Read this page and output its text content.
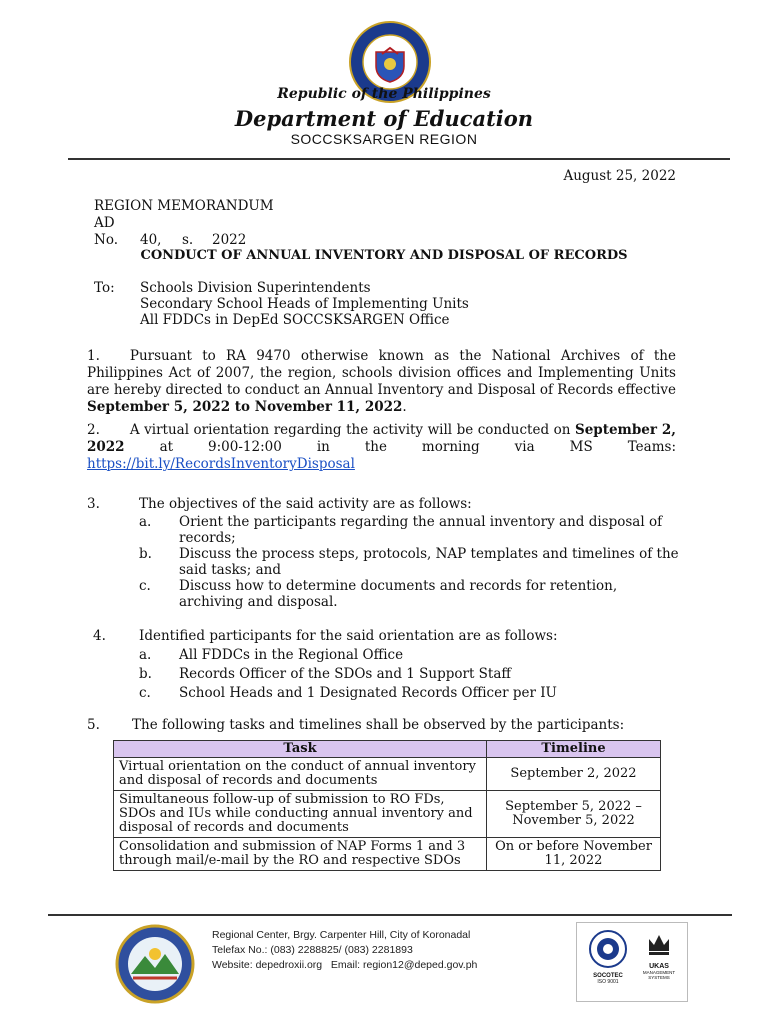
Republic of the Philippines
Department of Education
SOCCSKSARGEN REGION
August 25, 2022
REGION MEMORANDUM
AD No. 40, s. 2022
CONDUCT OF ANNUAL INVENTORY AND DISPOSAL OF RECORDS
To: Schools Division Superintendents
Secondary School Heads of Implementing Units
All FDDCs in DepEd SOCCSKSARGEN Office
1. Pursuant to RA 9470 otherwise known as the National Archives of the Philippines Act of 2007, the region, schools division offices and Implementing Units are hereby directed to conduct an Annual Inventory and Disposal of Records effective September 5, 2022 to November 11, 2022.
2. A virtual orientation regarding the activity will be conducted on September 2, 2022 at 9:00-12:00 in the morning via MS Teams: https://bit.ly/RecordsInventoryDisposal
3.	The objectives of the said activity are as follows:
a. Orient the participants regarding the annual inventory and disposal of records;
b. Discuss the process steps, protocols, NAP templates and timelines of the said tasks; and
c. Discuss how to determine documents and records for retention, archiving and disposal.
4. Identified participants for the said orientation are as follows:
a. All FDDCs in the Regional Office
b. Records Officer of the SDOs and 1 Support Staff
c. School Heads and 1 Designated Records Officer per IU
5. The following tasks and timelines shall be observed by the participants:
Task	Timeline
Virtual orientation on the conduct of annual inventory and disposal of records and documents	September 2, 2022
Simultaneous follow-up of submission to RO FDs, SDOs and IUs while conducting annual inventory and disposal of records and documents	September 5, 2022 – November 5, 2022
Consolidation and submission of NAP Forms 1 and 3 through mail/e-mail by the RO and respective SDOs	On or before November 11, 2022
Regional Center, Brgy. Carpenter Hill, City of Koronadal
Telefax No.: (083) 2288825/ (083) 2281893
Website: depedroxii.org Email: region12@deped.gov.ph
SOCOTEC
ISO 9001
UKAS
MANAGEMENT SYSTEMS
